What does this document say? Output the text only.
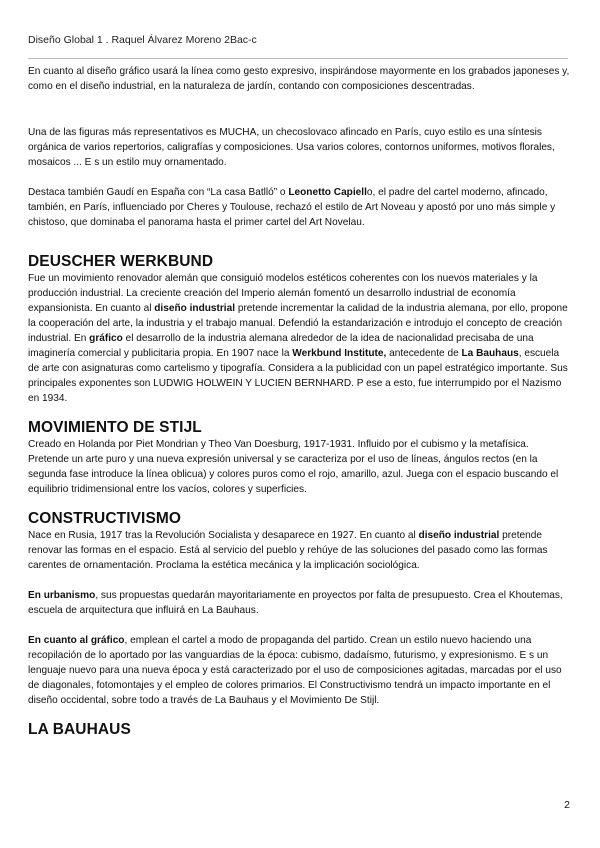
Diseño Global 1 . Raquel Álvarez Moreno 2Bac-c

En cuanto al diseño gráfico usará la línea como gesto expresivo, inspirándose mayormente en los grabados japoneses y, como en el diseño industrial, en la naturaleza de jardín, contando con composiciones descentradas.

Una de las figuras más representativos es MUCHA, un checoslovaco afincado en París, cuyo estilo es una síntesis orgánica de varios repertorios, caligrafías y composiciones. Usa varios colores, contornos uniformes, motivos florales, mosaicos ... E s un estilo muy ornamentado.

Destaca también Gaudí en España con “La casa Batlló” o Leonetto Capiello, el padre del cartel moderno, afincado, también, en París, influenciado por Cheres y Toulouse, rechazó el estilo de Art Noveau y apostó por uno más simple y chistoso, que dominaba el panorama hasta el primer cartel del Art Novelau.

DEUSCHER WERKBUND

Fue un movimiento renovador alemán que consiguió modelos estéticos coherentes con los nuevos materiales y la producción industrial. La creciente creación del Imperio alemán fomentó un desarrollo industrial de economía expansionista. En cuanto al diseño industrial pretende incrementar la calidad de la industria alemana, por ello, propone la cooperación del arte, la industria y el trabajo manual. Defendió la estandarización e introdujo el concepto de creación industrial. En gráfico el desarrollo de la industria alemana alrededor de la idea de nacionalidad precisaba de una imaginería comercial y publicitaria propia. En 1907 nace la Werkbund Institute, antecedente de La Bauhaus, escuela de arte con asignaturas como cartelismo y tipografía. Considera a la publicidad con un papel estratégico importante. Sus principales exponentes son LUDWIG HOLWEIN Y LUCIEN BERNHARD. P ese a esto, fue interrumpido por el Nazismo en 1934.

MOVIMIENTO DE STIJL

Creado en Holanda por Piet Mondrian y Theo Van Doesburg, 1917-1931. Influido por el cubismo y la metafísica. Pretende un arte puro y una nueva expresión universal y se caracteriza por el uso de líneas, ángulos rectos (en la segunda fase introduce la línea oblicua) y colores puros como el rojo, amarillo, azul. Juega con el espacio buscando el equilibrio tridimensional entre los vacíos, colores y superficies.

CONSTRUCTIVISMO

Nace en Rusia, 1917 tras la Revolución Socialista y desaparece en 1927. En cuanto al diseño industrial pretende renovar las formas en el espacio. Está al servicio del pueblo y rehúye de las soluciones del pasado como las formas carentes de ornamentación. Proclama la estética mecánica y la implicación sociológica.

En urbanismo, sus propuestas quedarán mayoritariamente en proyectos por falta de presupuesto. Crea el Khoutemas, escuela de arquitectura que influirá en La Bauhaus.

En cuanto al gráfico, emplean el cartel a modo de propaganda del partido. Crean un estilo nuevo haciendo una recopilación de lo aportado por las vanguardias de la época: cubismo, dadaísmo, futurismo, y expresionismo. E s un lenguaje nuevo para una nueva época y está caracterizado por el uso de composiciones agitadas, marcadas por el uso de diagonales, fotomontajes y el empleo de colores primarios. El Constructivismo tendrá un impacto importante en el diseño occidental, sobre todo a través de La Bauhaus y el Movimiento De Stijl.

LA BAUHAUS
2
